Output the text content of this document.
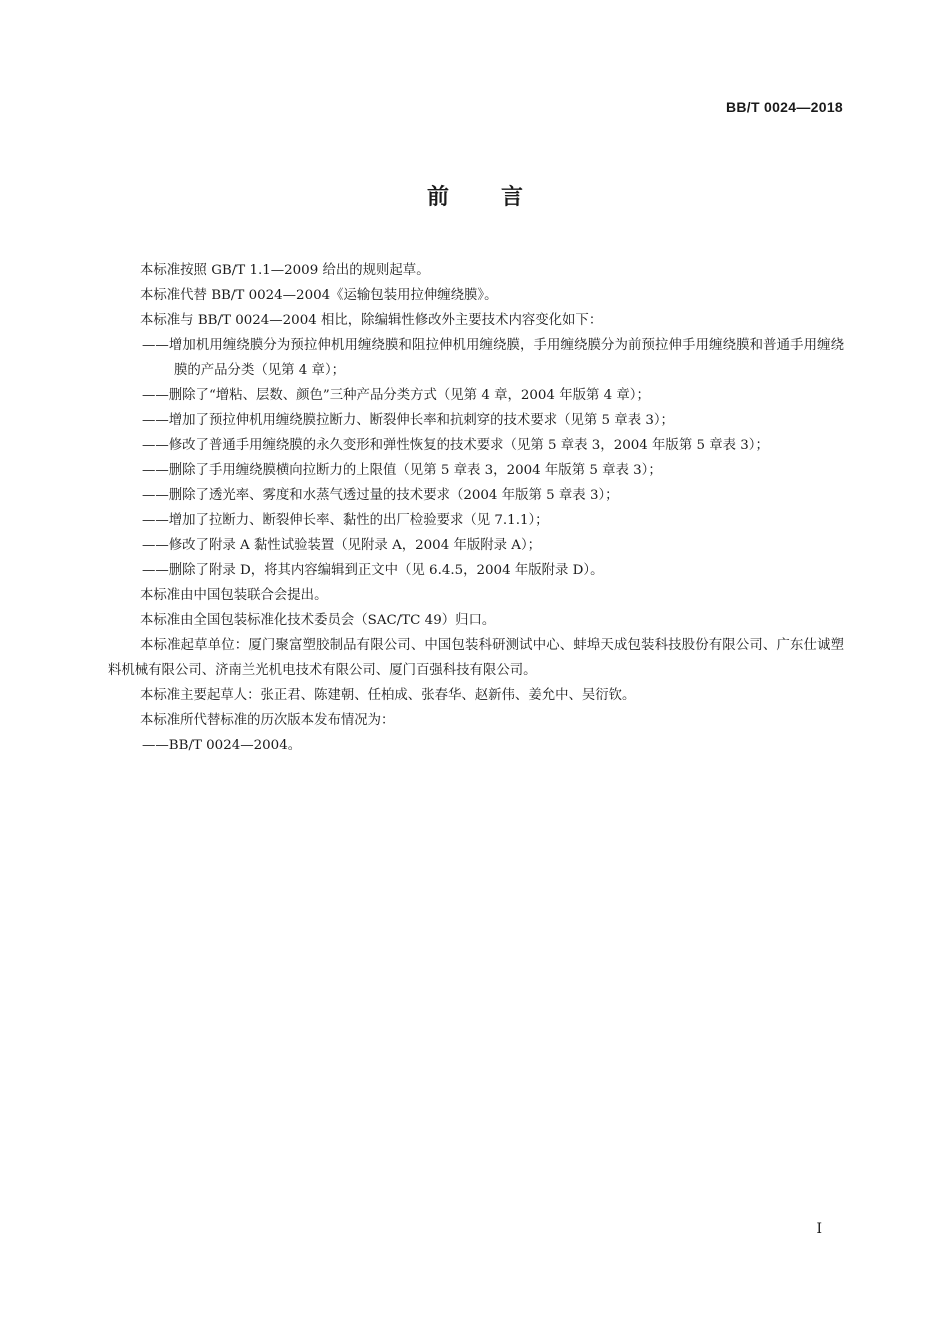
BB/T 0024—2018
前言

本标准按照 GB/T 1.1—2009 给出的规则起草。

本标准代替 BB/T 0024—2004《运输包装用拉伸缠绕膜》。

本标准与 BB/T 0024—2004 相比，除编辑性修改外主要技术内容变化如下：

——增加机用缠绕膜分为预拉伸机用缠绕膜和阻拉伸机用缠绕膜，手用缠绕膜分为前预拉伸手用缠绕膜和普通手用缠绕膜的产品分类（见第 4 章）；

——删除了“增粘、层数、颜色”三种产品分类方式（见第 4 章，2004 年版第 4 章）；

——增加了预拉伸机用缠绕膜拉断力、断裂伸长率和抗刺穿的技术要求（见第 5 章表 3）；

——修改了普通手用缠绕膜的永久变形和弹性恢复的技术要求（见第 5 章表 3，2004 年版第 5 章表 3）；

——删除了手用缠绕膜横向拉断力的上限值（见第 5 章表 3，2004 年版第 5 章表 3）；

——删除了透光率、雾度和水蒸气透过量的技术要求（2004 年版第 5 章表 3）；

——增加了拉断力、断裂伸长率、黏性的出厂检验要求（见 7.1.1）；

——修改了附录 A 黏性试验装置（见附录 A，2004 年版附录 A）；

——删除了附录 D，将其内容编辑到正文中（见 6.4.5，2004 年版附录 D）。

本标准由中国包装联合会提出。

本标准由全国包装标准化技术委员会（SAC/TC 49）归口。

本标准起草单位：厦门聚富塑胶制品有限公司、中国包装科研测试中心、蚌埠天成包装科技股份有限公司、广东仕诚塑料机械有限公司、济南兰光机电技术有限公司、厦门百强科技有限公司。

本标准主要起草人：张正君、陈建朝、任柏成、张春华、赵新伟、姜允中、吴衍钦。

本标准所代替标准的历次版本发布情况为：

——BB/T 0024—2004。

I
